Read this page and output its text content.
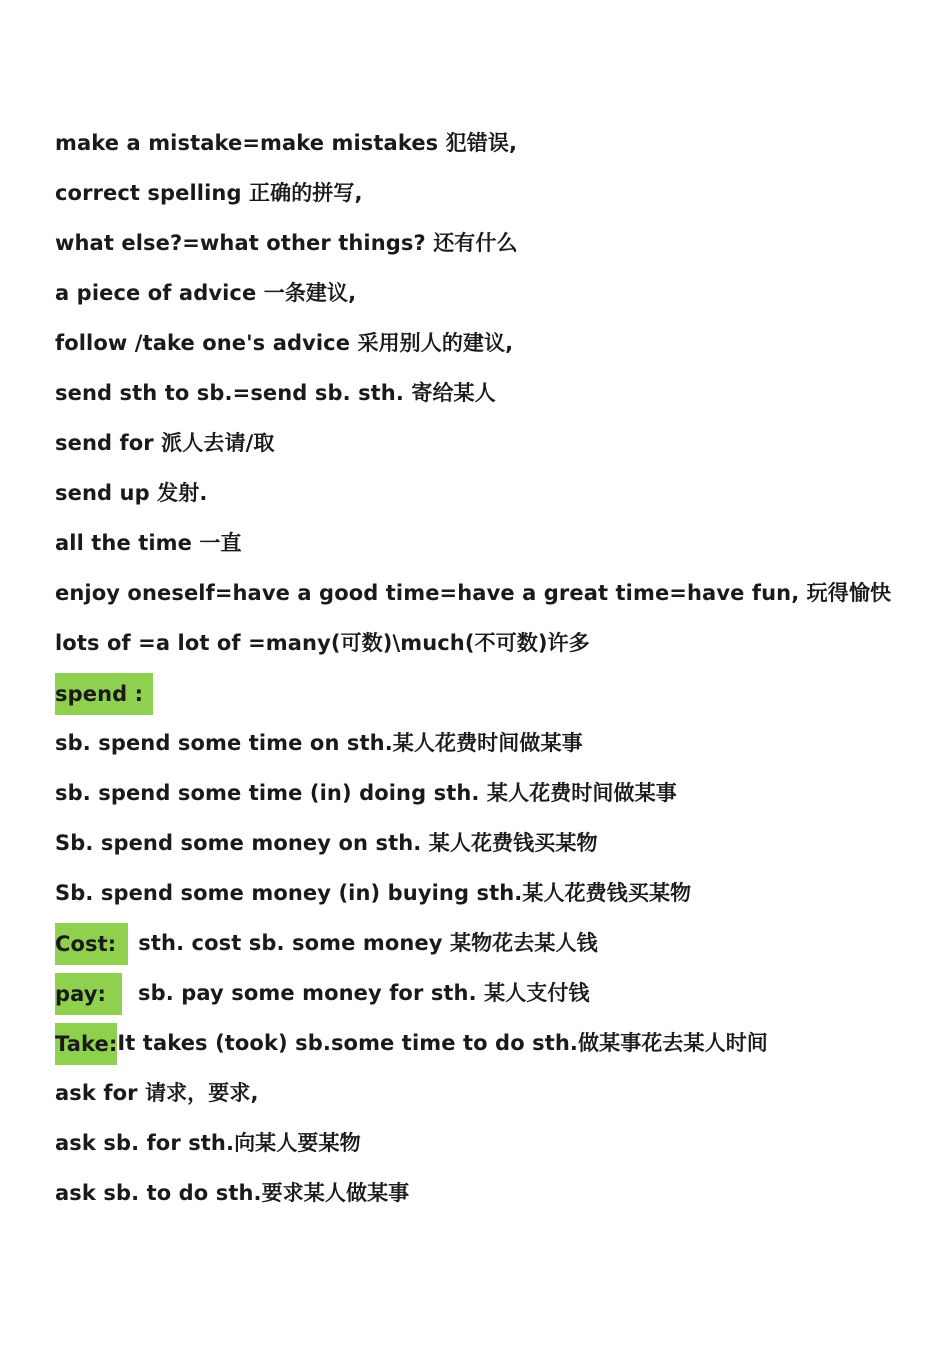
make a mistake=make mistakes 犯错误,
correct spelling 正确的拼写,
what else?=what other things? 还有什么
a piece of advice 一条建议,
follow /take one's advice 采用别人的建议,
send sth to sb.=send sb. sth. 寄给某人
send for 派人去请/取
send up 发射.
all the time 一直
enjoy oneself=have a good time=have a great time=have fun, 玩得愉快
lots of =a lot of =many(可数)\much(不可数)许多
spend :
sb. spend some time on sth.某人花费时间做某事
sb. spend some time (in) doing sth. 某人花费时间做某事
Sb. spend some money on sth. 某人花费钱买某物
Sb. spend some money (in) buying sth.某人花费钱买某物
Cost: sth. cost sb. some money 某物花去某人钱
pay: sb. pay some money for sth. 某人支付钱
Take:It takes (took) sb.some time to do sth.做某事花去某人时间
ask for 请求，要求,
ask sb. for sth.向某人要某物
ask sb. to do sth.要求某人做某事
